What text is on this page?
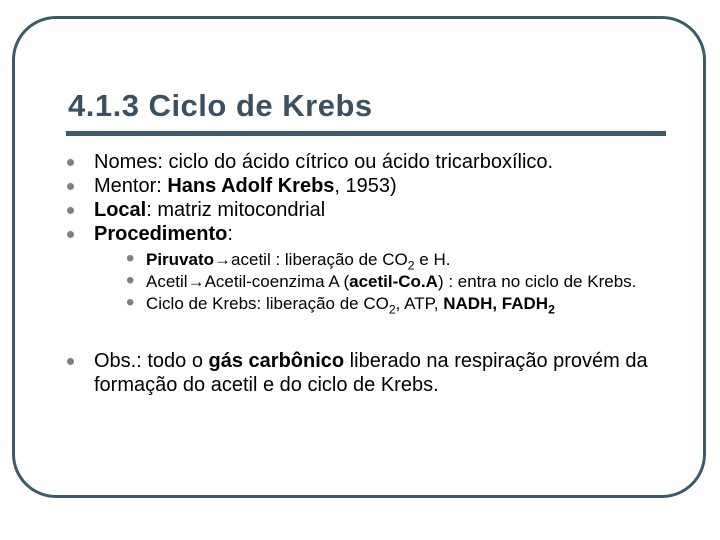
4.1.3 Ciclo de Krebs
Nomes: ciclo do ácido cítrico ou ácido tricarboxílico.
Mentor: Hans Adolf Krebs, 1953)
Local: matriz mitocondrial
Procedimento:
• Piruvato→acetil : liberação de $CO_2$ e H.
• Acetil→Acetil-coenzima A (acetil-Co.A) : entra no ciclo de Krebs.
• Ciclo de Krebs: liberação de $CO_2$, ATP, NADH, $FADH_2$
Obs.: todo o gás carbônico liberado na respiração provém da formação do acetil e do ciclo de Krebs.
